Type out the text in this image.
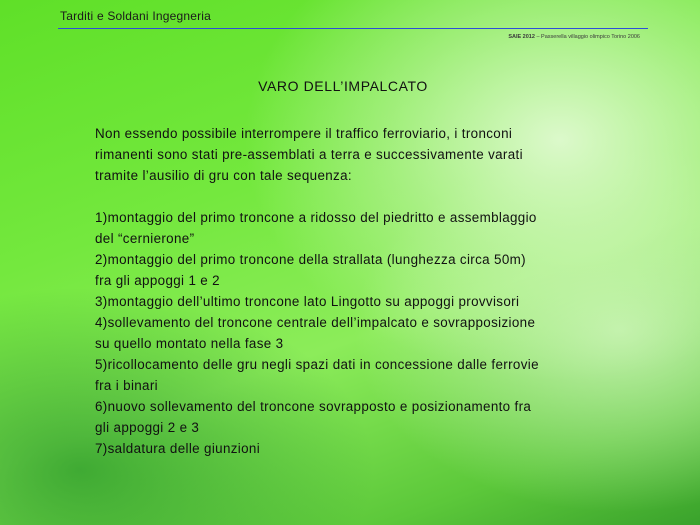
Tarditi e Soldani Ingegneria
SAIE 2012 – Passerella villaggio olimpico Torino 2006
VARO DELL’IMPALCATO

Non essendo possibile interrompere il traffico ferroviario, i tronconi

rimanenti sono stati pre-assemblati a terra e successivamente varati

tramite l’ausilio di gru con tale sequenza:

1)montaggio del primo troncone a ridosso del piedritto e assemblaggio

del “cernierone”

2)montaggio del primo troncone della strallata (lunghezza circa 50m)

fra gli appoggi 1 e 2

3)montaggio dell’ultimo troncone lato Lingotto su appoggi provvisori

4)sollevamento del troncone centrale dell’impalcato e sovrapposizione

su quello montato nella fase 3

5)ricollocamento delle gru negli spazi dati in concessione dalle ferrovie

fra i binari

6)nuovo sollevamento del troncone sovrapposto e posizionamento fra

gli appoggi 2 e 3

7)saldatura delle giunzioni
